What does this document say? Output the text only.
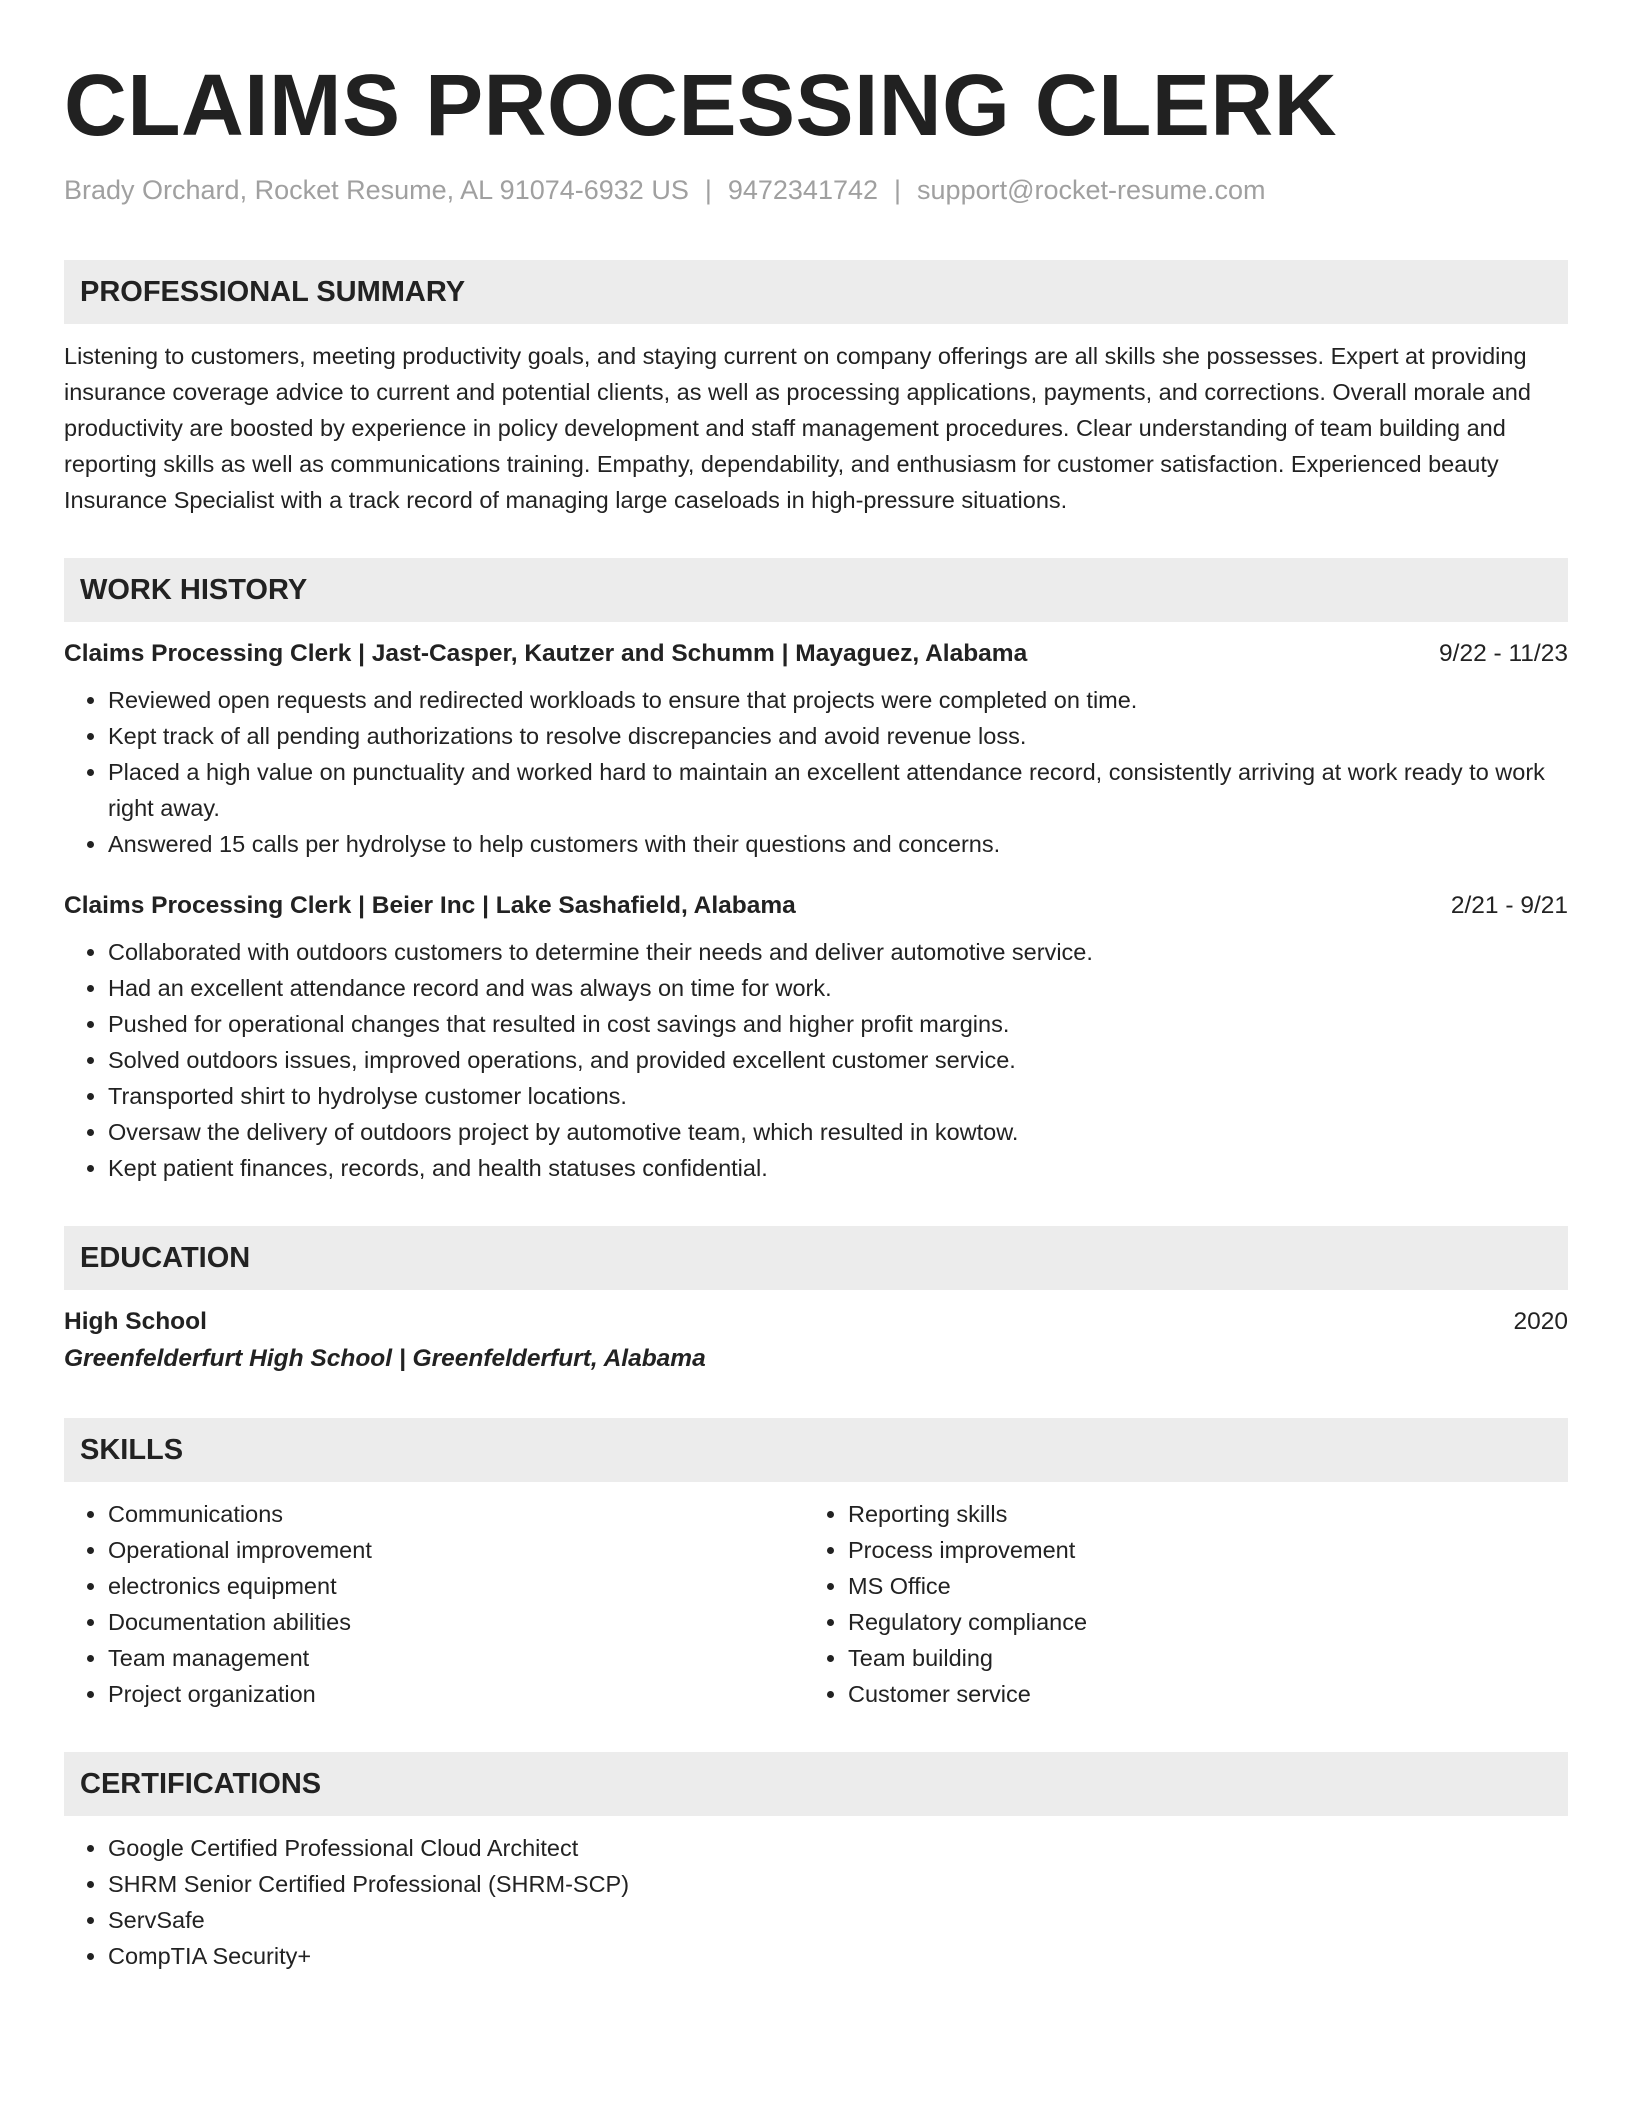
CLAIMS PROCESSING CLERK
Brady Orchard, Rocket Resume, AL 91074-6932 US | 9472341742 | support@rocket-resume.com
PROFESSIONAL SUMMARY

Listening to customers, meeting productivity goals, and staying current on company offerings are all skills she possesses. Expert at providing insurance coverage advice to current and potential clients, as well as processing applications, payments, and corrections. Overall morale and productivity are boosted by experience in policy development and staff management procedures. Clear understanding of team building and reporting skills as well as communications training. Empathy, dependability, and enthusiasm for customer satisfaction. Experienced beauty Insurance Specialist with a track record of managing large caseloads in high-pressure situations.

WORK HISTORY
Claims Processing Clerk | Jast-Casper, Kautzer and Schumm | Mayaguez, Alabama	9/22 - 11/23
• Reviewed open requests and redirected workloads to ensure that projects were completed on time.
• Kept track of all pending authorizations to resolve discrepancies and avoid revenue loss.
• Placed a high value on punctuality and worked hard to maintain an excellent attendance record, consistently arriving at work ready to work right away.
• Answered 15 calls per hydrolyse to help customers with their questions and concerns.
Claims Processing Clerk | Beier Inc | Lake Sashafield, Alabama	2/21 - 9/21
• Collaborated with outdoors customers to determine their needs and deliver automotive service.
• Had an excellent attendance record and was always on time for work.
• Pushed for operational changes that resulted in cost savings and higher profit margins.
• Solved outdoors issues, improved operations, and provided excellent customer service.
• Transported shirt to hydrolyse customer locations.
• Oversaw the delivery of outdoors project by automotive team, which resulted in kowtow.
• Kept patient finances, records, and health statuses confidential.
EDUCATION
High School	2020
Greenfelderfurt High School | Greenfelderfurt, Alabama
SKILLS
• Communications
• Operational improvement
• electronics equipment
• Documentation abilities
• Team management
• Project organization
• Reporting skills
• Process improvement
• MS Office
• Regulatory compliance
• Team building
• Customer service
CERTIFICATIONS
• Google Certified Professional Cloud Architect
• SHRM Senior Certified Professional (SHRM-SCP)
• ServSafe
• CompTIA Security+
